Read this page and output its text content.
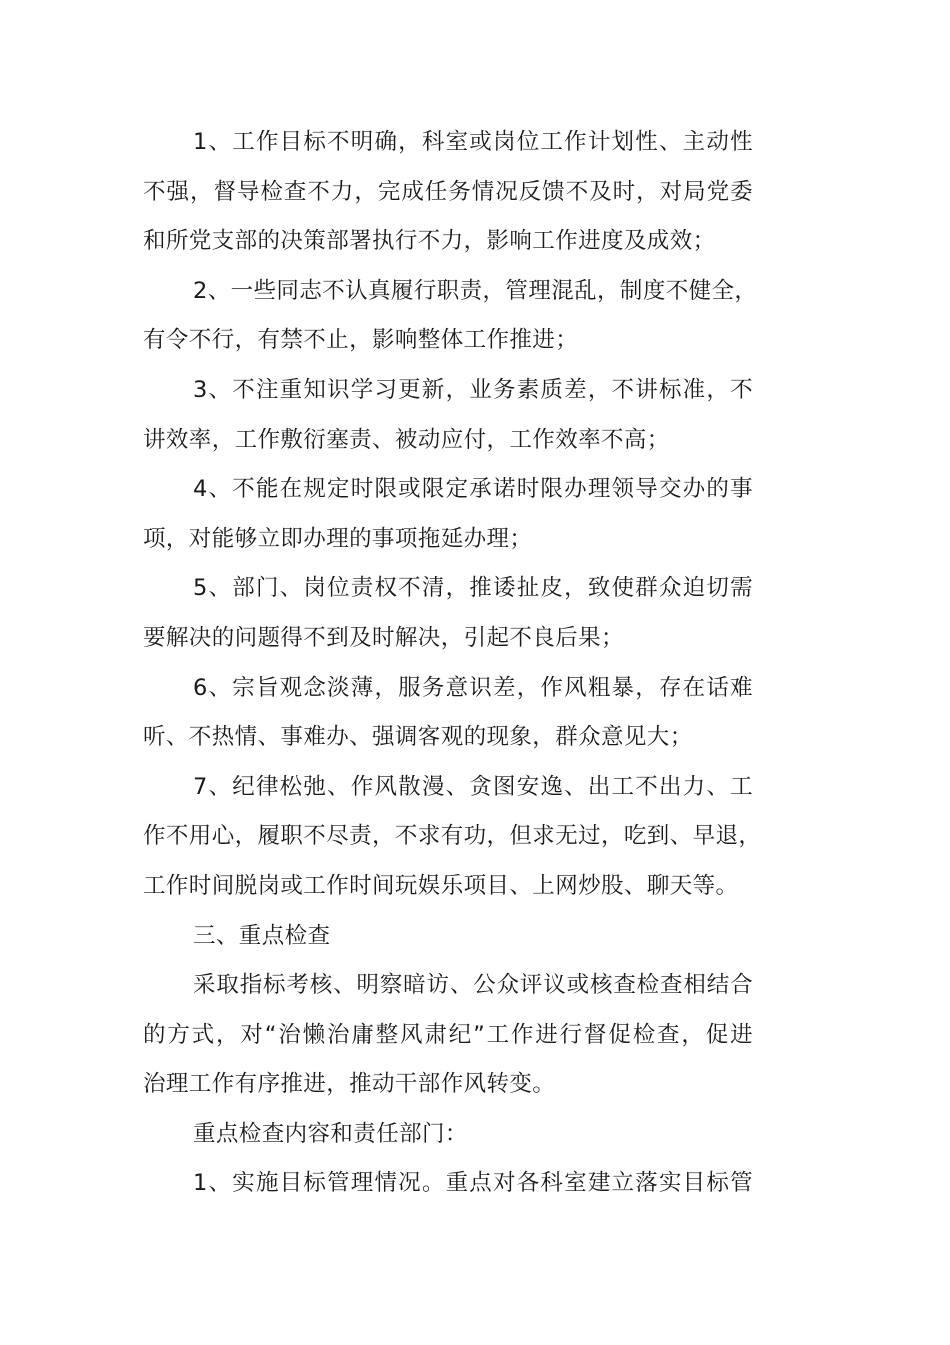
1、工作目标不明确，科室或岗位工作计划性、主动性
不强，督导检查不力，完成任务情况反馈不及时，对局党委
和所党支部的决策部署执行不力，影响工作进度及成效；
2、一些同志不认真履行职责，管理混乱，制度不健全，
有令不行，有禁不止，影响整体工作推进；
3、不注重知识学习更新，业务素质差，不讲标准，不
讲效率，工作敷衍塞责、被动应付，工作效率不高；
4、不能在规定时限或限定承诺时限办理领导交办的事
项，对能够立即办理的事项拖延办理；
5、部门、岗位责权不清，推诿扯皮，致使群众迫切需
要解决的问题得不到及时解决，引起不良后果；
6、宗旨观念淡薄，服务意识差，作风粗暴，存在话难
听、不热情、事难办、强调客观的现象，群众意见大；
7、纪律松弛、作风散漫、贪图安逸、出工不出力、工
作不用心，履职不尽责，不求有功，但求无过，吃到、早退，
工作时间脱岗或工作时间玩娱乐项目、上网炒股、聊天等。
三、重点检查
采取指标考核、明察暗访、公众评议或核查检查相结合
的方式，对“治懒治庸整风肃纪”工作进行督促检查，促进
治理工作有序推进，推动干部作风转变。
重点检查内容和责任部门：
1、实施目标管理情况。重点对各科室建立落实目标管
